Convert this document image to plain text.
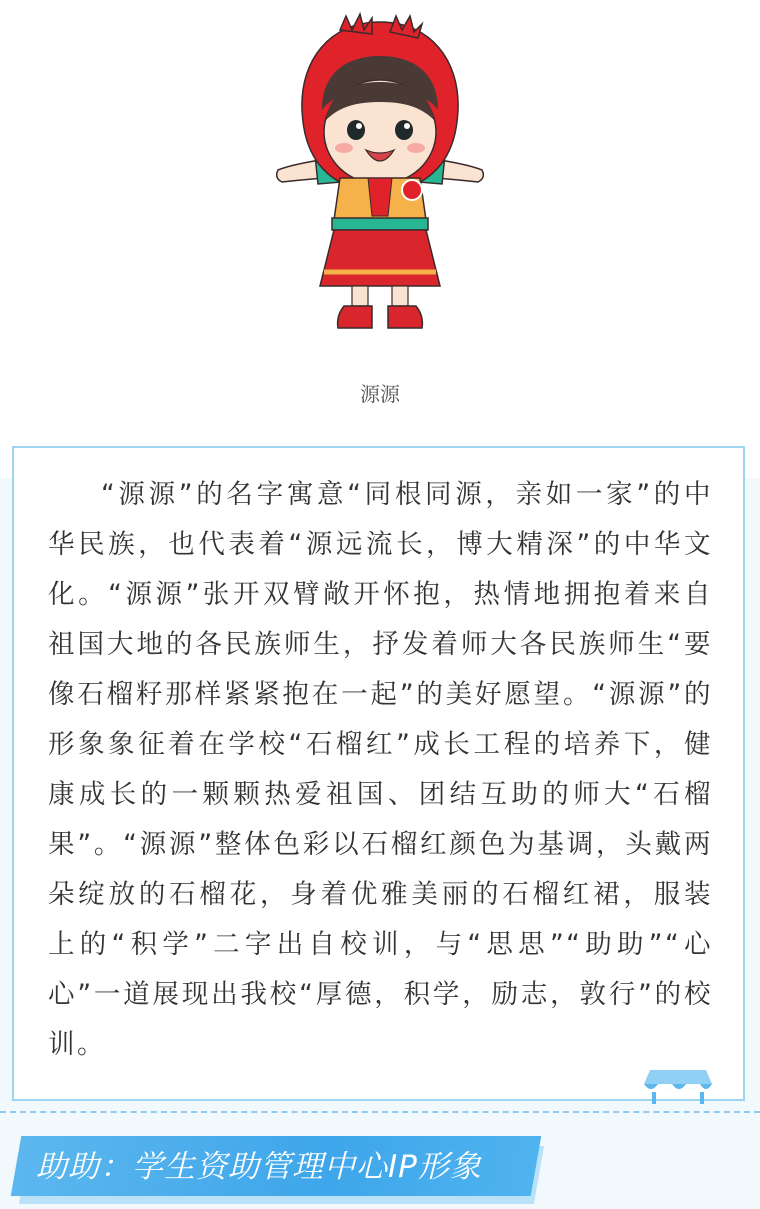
源源

“源源”的名字寓意“同根同源，亲如一家”的中华民族，也代表着“源远流长，博大精深”的中华文化。“源源”张开双臂敞开怀抱，热情地拥抱着来自祖国大地的各民族师生，抒发着师大各民族师生“要像石榴籽那样紧紧抱在一起”的美好愿望。“源源”的形象象征着在学校“石榴红”成长工程的培养下，健康成长的一颗颗热爱祖国、团结互助的师大“石榴果”。“源源”整体色彩以石榴红颜色为基调，头戴两朵绽放的石榴花，身着优雅美丽的石榴红裙，服装上的“积学”二字出自校训，与“思思”“助助”“心心”一道展现出我校“厚德，积学，励志，敦行”的校训。

助助：学生资助管理中心IP形象
